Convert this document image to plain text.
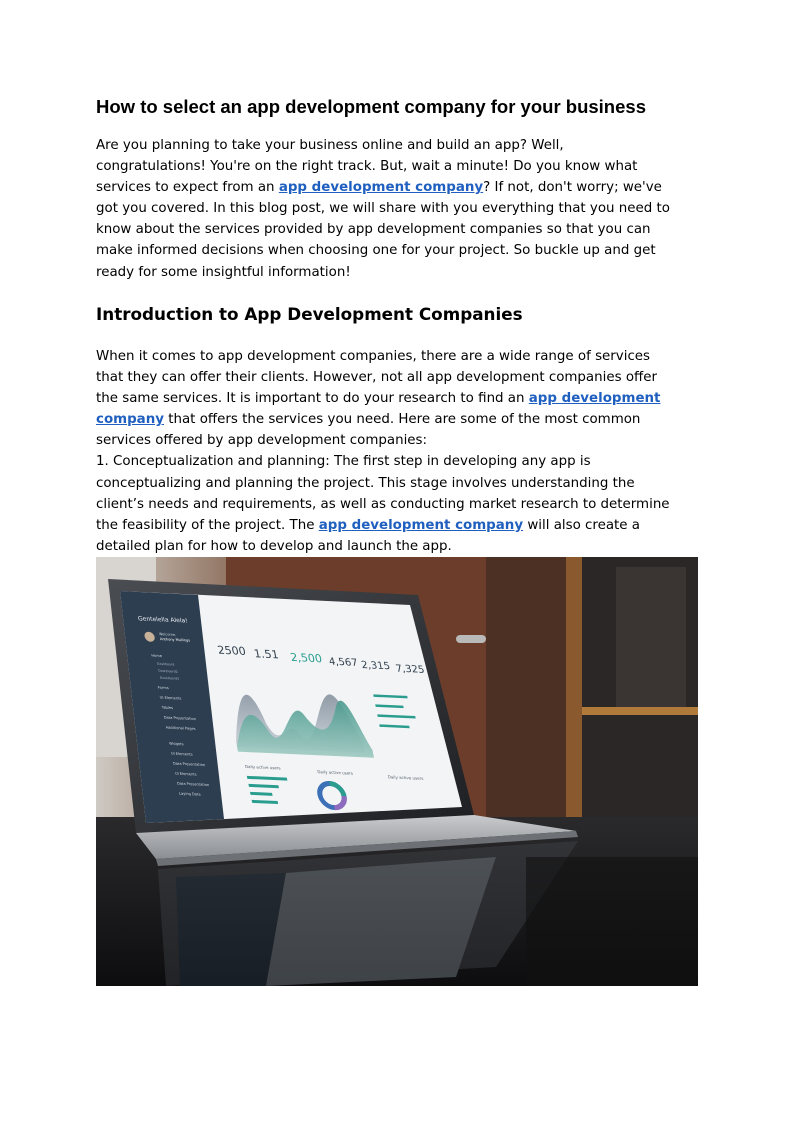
How to select an app development company for your business

Are you planning to take your business online and build an app? Well,
congratulations! You're on the right track. But, wait a minute! Do you know what
services to expect from an app development company? If not, don't worry; we've
got you covered. In this blog post, we will share with you everything that you need to
know about the services provided by app development companies so that you can
make informed decisions when choosing one for your project. So buckle up and get
ready for some insightful information!

Introduction to App Development Companies

When it comes to app development companies, there are a wide range of services
that they can offer their clients. However, not all app development companies offer
the same services. It is important to do your research to find an app development
company that offers the services you need. Here are some of the most common
services offered by app development companies:
1. Conceptualization and planning: The first step in developing any app is
conceptualizing and planning the project. This stage involves understanding the
client’s needs and requirements, as well as conducting market research to determine
the feasibility of the project. The app development company will also create a
detailed plan for how to develop and launch the app.

Gentelella Alela!
Welcome,
Anthony Mullings
Home
Dashboard
Dashboard2
Dashboard3
Forms
UI Elements
Tables
Data Presentation
Additional Pages
Widgets
UI Elements
Data Presentation
UI Elements
Data Presentation
Laying Data
2500 1.51 2,500 4,567 2,315 7,325
Daily active users
Daily active users
Daily active users
